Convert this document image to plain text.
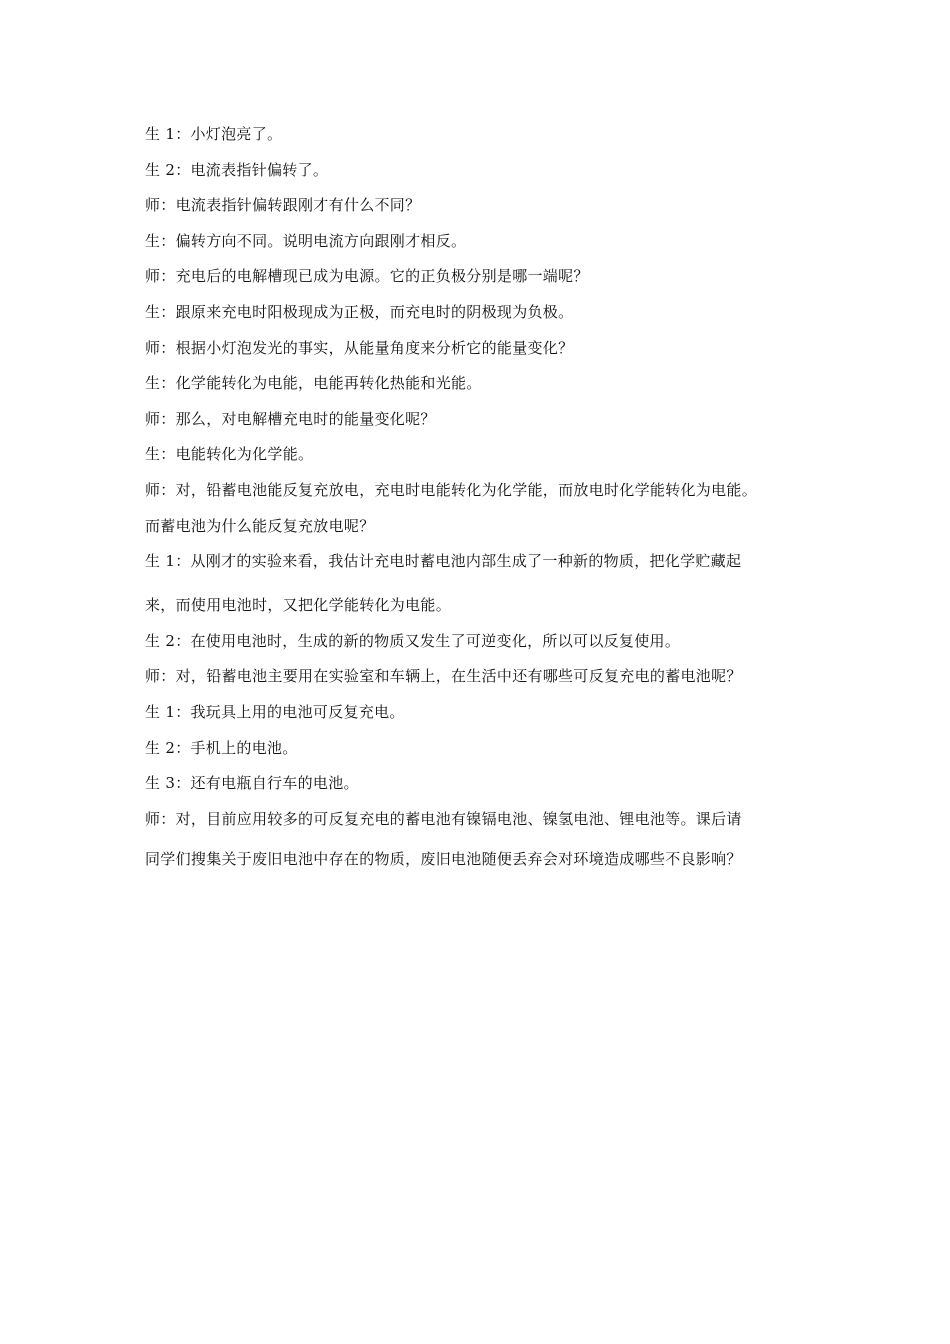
生 1：小灯泡亮了。
生 2：电流表指针偏转了。
师：电流表指针偏转跟刚才有什么不同？
生：偏转方向不同。说明电流方向跟刚才相反。
师：充电后的电解槽现已成为电源。它的正负极分别是哪一端呢？
生：跟原来充电时阳极现成为正极，而充电时的阴极现为负极。
师：根据小灯泡发光的事实，从能量角度来分析它的能量变化？
生：化学能转化为电能，电能再转化热能和光能。
师：那么，对电解槽充电时的能量变化呢？
生：电能转化为化学能。
师：对，铅蓄电池能反复充放电，充电时电能转化为化学能，而放电时化学能转化为电能。
而蓄电池为什么能反复充放电呢？
生 1：从刚才的实验来看，我估计充电时蓄电池内部生成了一种新的物质，把化学贮藏起
来，而使用电池时，又把化学能转化为电能。
生 2：在使用电池时，生成的新的物质又发生了可逆变化，所以可以反复使用。
师：对，铅蓄电池主要用在实验室和车辆上，在生活中还有哪些可反复充电的蓄电池呢？
生 1：我玩具上用的电池可反复充电。
生 2：手机上的电池。
生 3：还有电瓶自行车的电池。
师：对，目前应用较多的可反复充电的蓄电池有镍镉电池、镍氢电池、锂电池等。课后请
同学们搜集关于废旧电池中存在的物质，废旧电池随便丢弃会对环境造成哪些不良影响？
